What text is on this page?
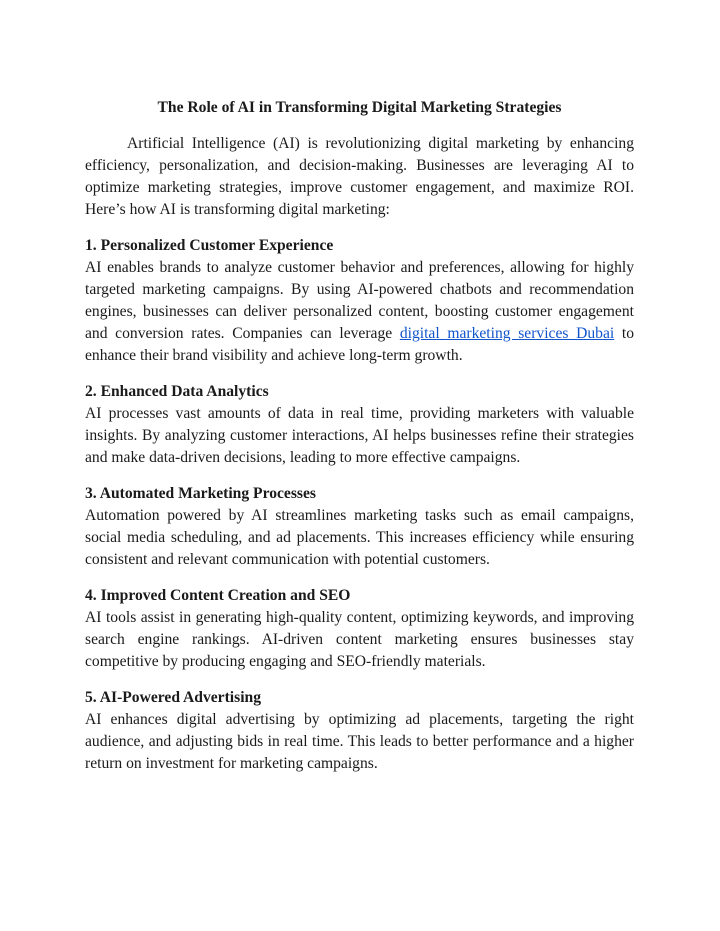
The Role of AI in Transforming Digital Marketing Strategies

Artificial Intelligence (AI) is revolutionizing digital marketing by enhancing efficiency, personalization, and decision-making. Businesses are leveraging AI to optimize marketing strategies, improve customer engagement, and maximize ROI. Here’s how AI is transforming digital marketing:

1. Personalized Customer Experience

AI enables brands to analyze customer behavior and preferences, allowing for highly targeted marketing campaigns. By using AI-powered chatbots and recommendation engines, businesses can deliver personalized content, boosting customer engagement and conversion rates. Companies can leverage digital marketing services Dubai to enhance their brand visibility and achieve long-term growth.

2. Enhanced Data Analytics

AI processes vast amounts of data in real time, providing marketers with valuable insights. By analyzing customer interactions, AI helps businesses refine their strategies and make data-driven decisions, leading to more effective campaigns.

3. Automated Marketing Processes

Automation powered by AI streamlines marketing tasks such as email campaigns, social media scheduling, and ad placements. This increases efficiency while ensuring consistent and relevant communication with potential customers.

4. Improved Content Creation and SEO

AI tools assist in generating high-quality content, optimizing keywords, and improving search engine rankings. AI-driven content marketing ensures businesses stay competitive by producing engaging and SEO-friendly materials.

5. AI-Powered Advertising

AI enhances digital advertising by optimizing ad placements, targeting the right audience, and adjusting bids in real time. This leads to better performance and a higher return on investment for marketing campaigns.
